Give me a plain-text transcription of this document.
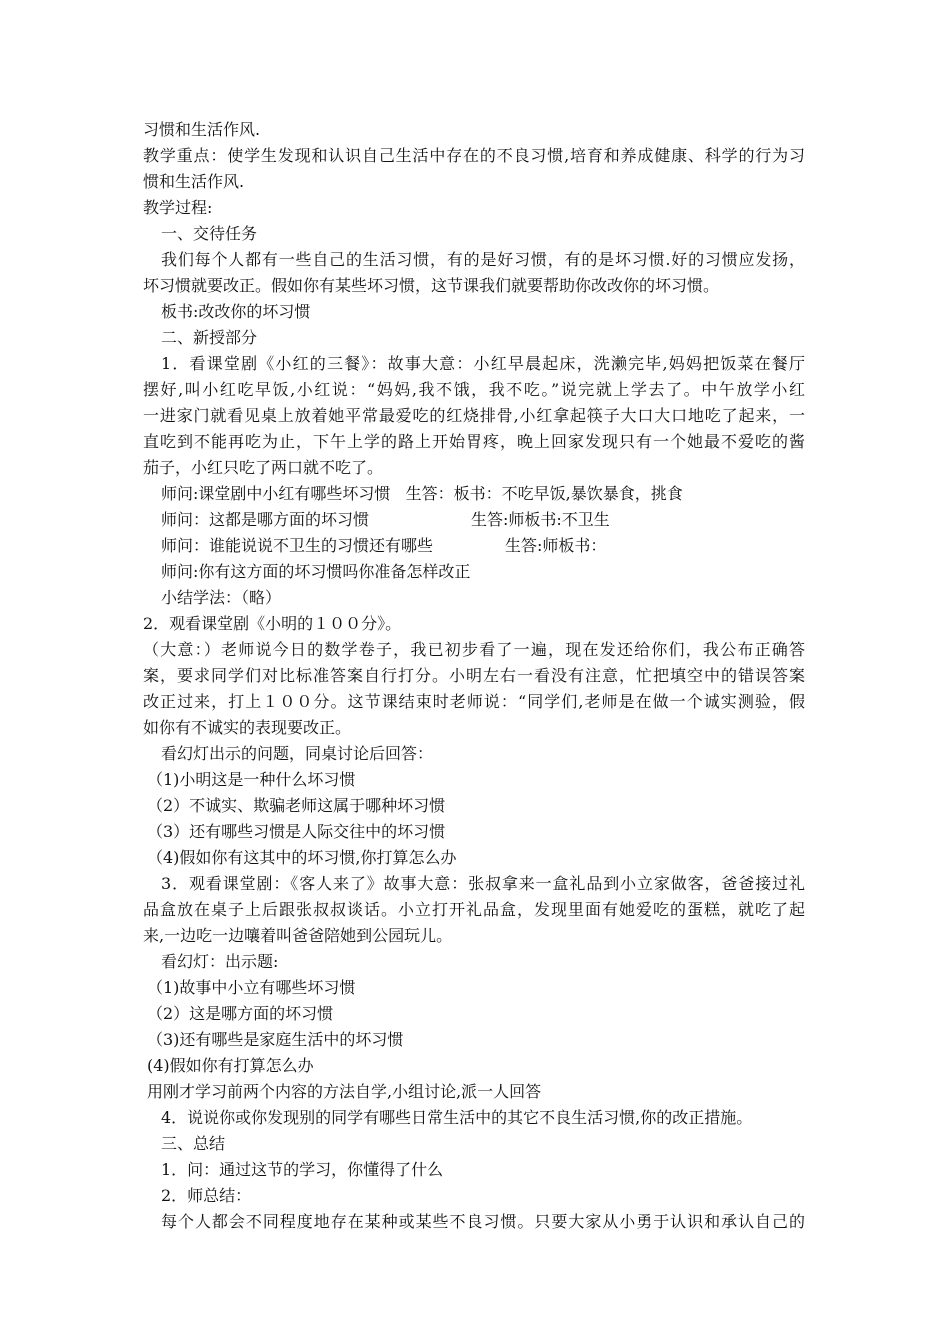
习惯和生活作风.
教学重点：使学生发现和认识自己生活中存在的不良习惯,培育和养成健康、科学的行为习
惯和生活作风.
教学过程:
一、交待任务
我们每个人都有一些自己的生活习惯，有的是好习惯，有的是坏习惯.好的习惯应发扬，
坏习惯就要改正。假如你有某些坏习惯，这节课我们就要帮助你改改你的坏习惯。
板书:改改你的坏习惯
二、新授部分
1．看课堂剧《小红的三餐》：故事大意：小红早晨起床，洗濑完毕,妈妈把饭菜在餐厅
摆好,叫小红吃早饭,小红说：“妈妈,我不饿，我不吃。”说完就上学去了。中午放学小红
一进家门就看见桌上放着她平常最爱吃的红烧排骨,小红拿起筷子大口大口地吃了起来，一
直吃到不能再吃为止，下午上学的路上开始胃疼，晚上回家发现只有一个她最不爱吃的酱
茄子，小红只吃了两口就不吃了。
师问:课堂剧中小红有哪些坏习惯   生答：板书：不吃早饭,暴饮暴食，挑食
师问：这都是哪方面的坏习惯	生答:师板书:不卫生
师问：谁能说说不卫生的习惯还有哪些	生答:师板书：
师问:你有这方面的坏习惯吗你准备怎样改正
小结学法：（略）
2．观看课堂剧《小明的１００分》。
（大意：）老师说今日的数学卷子，我已初步看了一遍，现在发还给你们，我公布正确答
案，要求同学们对比标准答案自行打分。小明左右一看没有注意，忙把填空中的错误答案
改正过来，打上１００分。这节课结束时老师说：“同学们,老师是在做一个诚实测验，假
如你有不诚实的表现要改正。
看幻灯出示的问题，同桌讨论后回答：
（1)小明这是一种什么坏习惯
（2）不诚实、欺骗老师这属于哪种坏习惯
（3）还有哪些习惯是人际交往中的坏习惯
（4)假如你有这其中的坏习惯,你打算怎么办
3．观看课堂剧：《客人来了》故事大意：张叔拿来一盒礼品到小立家做客，爸爸接过礼
品盒放在桌子上后跟张叔叔谈话。小立打开礼品盒，发现里面有她爱吃的蛋糕，就吃了起
来,一边吃一边嚷着叫爸爸陪她到公园玩儿。
看幻灯：出示题:
（1)故事中小立有哪些坏习惯
（2）这是哪方面的坏习惯
（3)还有哪些是家庭生活中的坏习惯
(4)假如你有打算怎么办
用刚才学习前两个内容的方法自学,小组讨论,派一人回答
4．说说你或你发现别的同学有哪些日常生活中的其它不良生活习惯,你的改正措施。
三、总结
1．问：通过这节的学习，你懂得了什么
2．师总结：
每个人都会不同程度地存在某种或某些不良习惯。只要大家从小勇于认识和承认自己的
